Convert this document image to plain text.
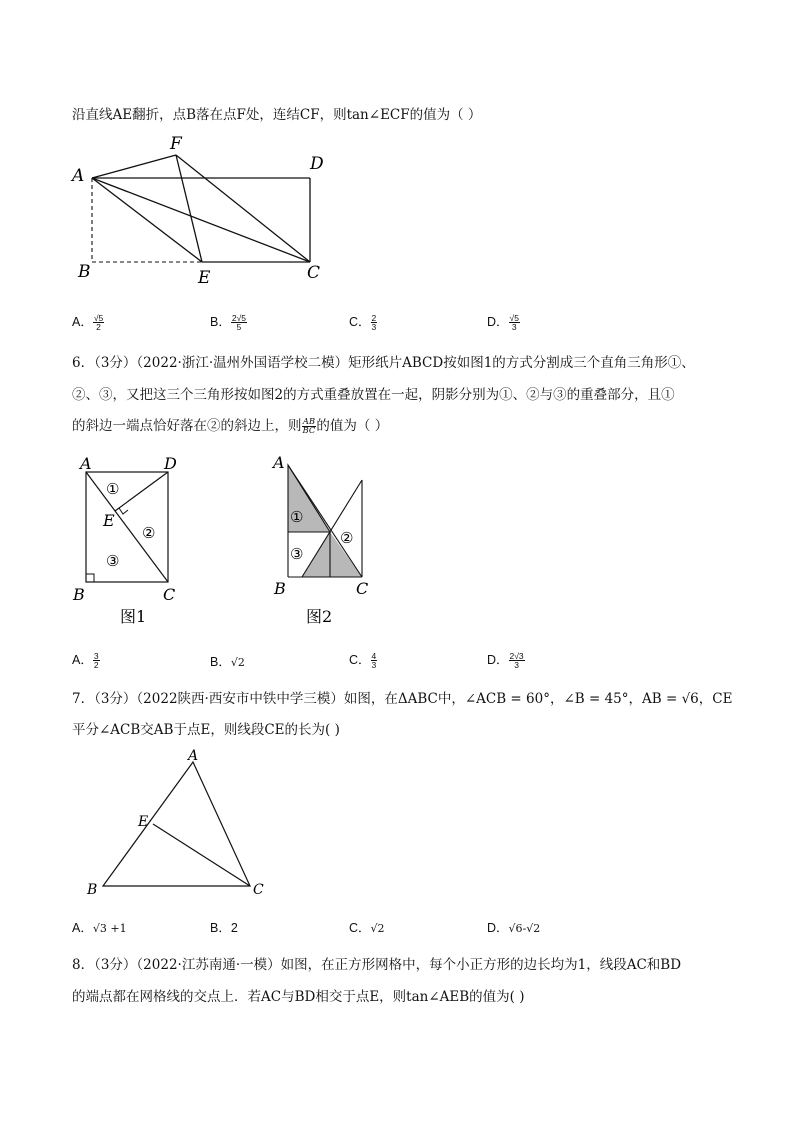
沿直线AE翻折，点B落在点F处，连结CF，则tan∠ECF的值为（ ）
A
F
D
B	E	C
A． $\frac{√5}{2}$	B． $\frac{2√5}{5}$	C． $\frac{2}{3}$	D． $\frac{√5}{3}$
6．（3分）（2022·浙江·温州外国语学校二模）矩形纸片ABCD按如图1的方式分割成三个直角三角形①、
②、③，又把这三个三角形按如图2的方式重叠放置在一起，阴影分别为①、②与③的重叠部分，且①
的斜边一端点恰好落在②的斜边上，则 $\frac{AB}{BC}$ 的值为（ ）
A	D
E
B	C
①
②
③
图1
A
B	C
①
②
③
图2
A． $\frac{3}{2}$	B．√2	C． $\frac{4}{3}$	D． $\frac{2√3}{3}$
7．（3分）（2022陕西·西安市中铁中学三模）如图，在ΔABC中，∠ACB = 60°，∠B = 45°，AB = √6，CE
平分∠ACB交AB于点E，则线段CE的长为( )
A
E
B	C
A．√3 +1	B．2	C．√2	D．√6-√2
8．（3分）（2022·江苏南通·一模）如图，在正方形网格中，每个小正方形的边长均为1，线段AC和BD
的端点都在网格线的交点上．若AC与BD相交于点E，则tan∠AEB的值为( )
